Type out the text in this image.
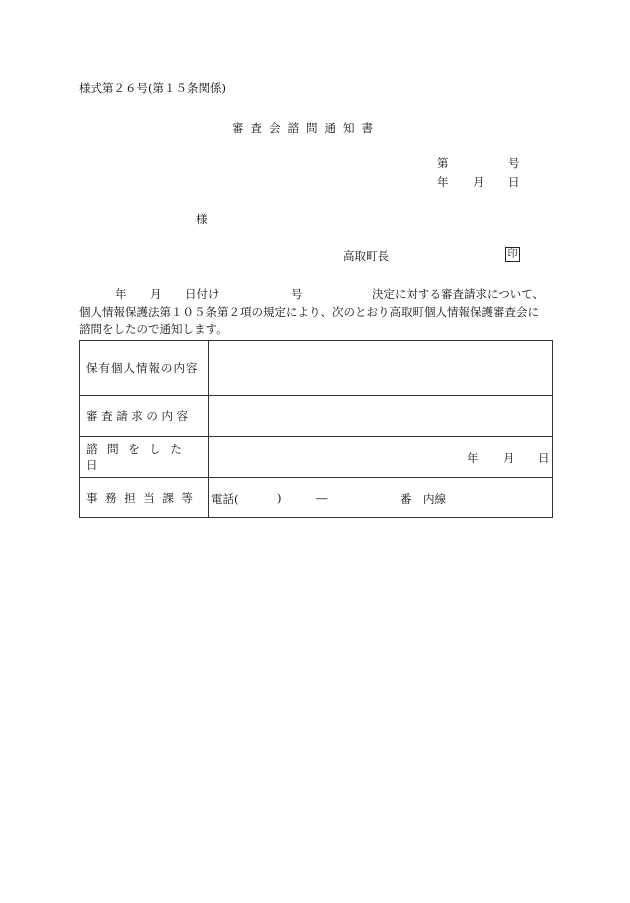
様式第２６号(第１５条関係)
審査会諮問通知書
第	号
年 月 日
様
高取町長	印
年 月 日付け	号	決定に対する審査請求について、
個人情報保護法第１０５条第２項の規定により、次のとおり高取町個人情報保護審査会に
諮問をしたので通知します。
保有個人情報の内容	
審査請求の内容	
諮問をした日	年 月 日

事務担当課等	電話( ) ― 番 内線
